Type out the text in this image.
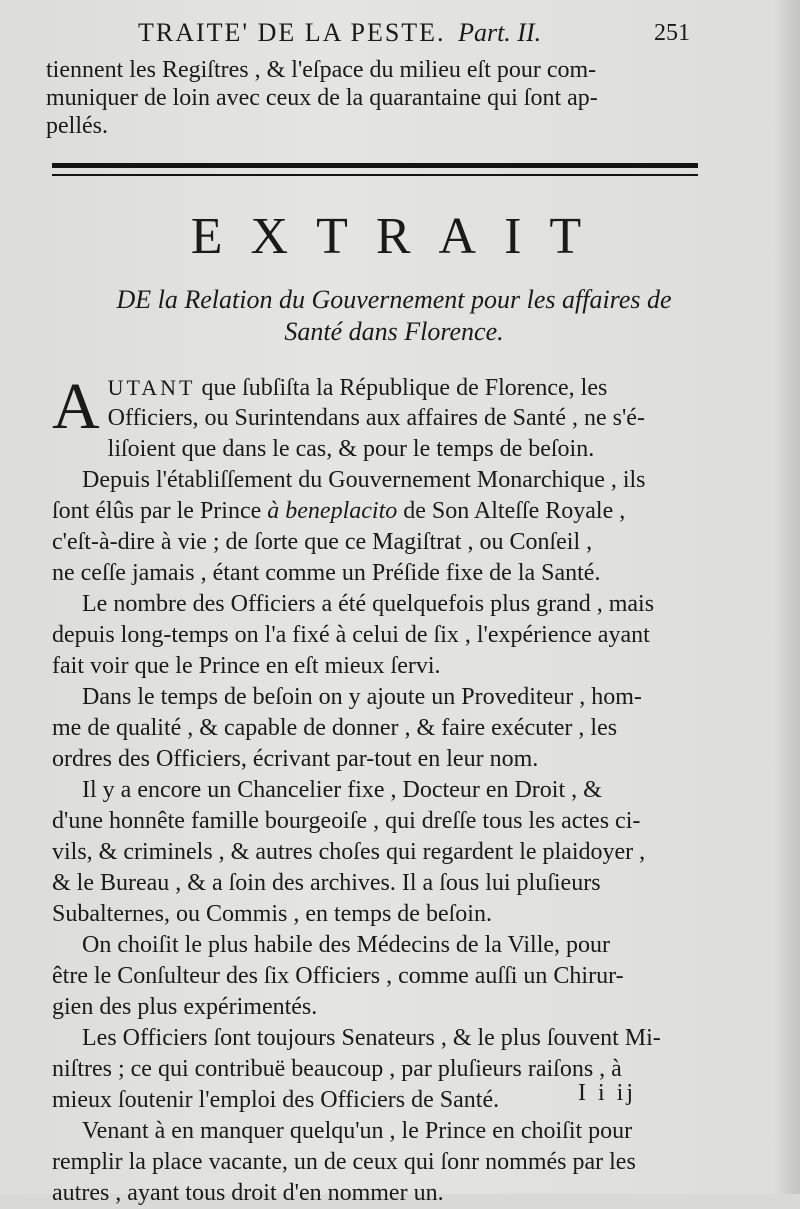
TRAITE' DE LA PESTE. Part. II.	251
tiennent les Regiſtres , & l'eſpace du milieu eſt pour com-
muniquer de loin avec ceux de la quarantaine qui ſont ap-
pellés.
EXTRAIT
DE la Relation du Gouvernement pour les affaires de
Santé dans Florence.
A UTANT que ſubſiſta la République de Florence, les
Officiers, ou Surintendans aux affaires de Santé , ne s'é-
liſoient que dans le cas, & pour le temps de beſoin.
Depuis l'établiſſement du Gouvernement Monarchique , ils
ſont élûs par le Prince à beneplacito de Son Alteſſe Royale ,
c'eſt-à-dire à vie ; de ſorte que ce Magiſtrat , ou Conſeil ,
ne ceſſe jamais , étant comme un Préſide fixe de la Santé.
Le nombre des Officiers a été quelquefois plus grand , mais
depuis long-temps on l'a fixé à celui de ſix , l'expérience ayant
fait voir que le Prince en eſt mieux ſervi.
Dans le temps de beſoin on y ajoute un Provediteur , hom-
me de qualité , & capable de donner , & faire exécuter , les
ordres des Officiers, écrivant par-tout en leur nom.
Il y a encore un Chancelier fixe , Docteur en Droit , &
d'une honnête famille bourgeoiſe , qui dreſſe tous les actes ci-
vils, & criminels , & autres choſes qui regardent le plaidoyer ,
& le Bureau , & a ſoin des archives. Il a ſous lui pluſieurs
Subalternes, ou Commis , en temps de beſoin.
On choiſit le plus habile des Médecins de la Ville, pour
être le Conſulteur des ſix Officiers , comme auſſi un Chirur-
gien des plus expérimentés.
Les Officiers ſont toujours Senateurs , & le plus ſouvent Mi-
niſtres ; ce qui contribuë beaucoup , par pluſieurs raiſons , à
mieux ſoutenir l'emploi des Officiers de Santé.
Venant à en manquer quelqu'un , le Prince en choiſit pour
remplir la place vacante, un de ceux qui ſonr nommés par les
autres , ayant tous droit d'en nommer un.
I i ij
